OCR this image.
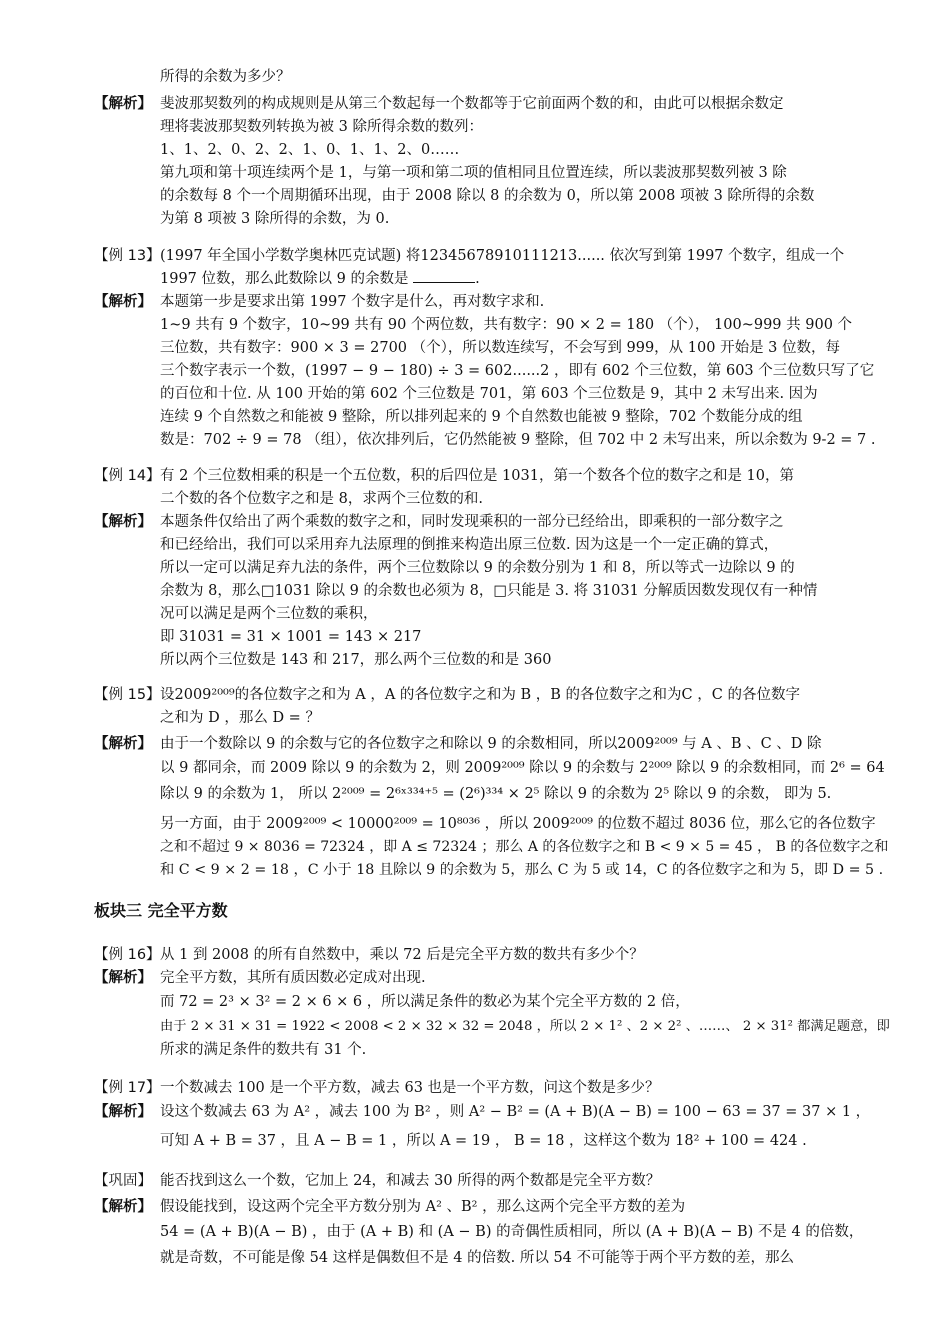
所得的余数为多少？
【解析】 斐波那契数列的构成规则是从第三个数起每一个数都等于它前面两个数的和，由此可以根据余数定
理将裴波那契数列转换为被 3 除所得余数的数列：
1、1、2、0、2、2、1、0、1、1、2、0……
第九项和第十项连续两个是 1，与第一项和第二项的值相同且位置连续，所以裴波那契数列被 3 除
的余数每 8 个一个周期循环出现，由于 2008 除以 8 的余数为 0，所以第 2008 项被 3 除所得的余数
为第 8 项被 3 除所得的余数，为 0.
【例 13】 (1997 年全国小学数学奥林匹克试题) 将12345678910111213...... 依次写到第 1997 个数字，组成一个
1997 位数，那么此数除以 9 的余数是	.
【解析】 本题第一步是要求出第 1997 个数字是什么，再对数字求和.
1~9 共有 9 个数字，10~99 共有 90 个两位数，共有数字：90 × 2 = 180 （个）， 100~999 共 900 个
三位数，共有数字：900 × 3 = 2700 （个），所以数连续写，不会写到 999，从 100 开始是 3 位数，每
三个数字表示一个数，(1997 − 9 − 180) ÷ 3 = 602......2 ，即有 602 个三位数，第 603 个三位数只写了它
的百位和十位. 从 100 开始的第 602 个三位数是 701，第 603 个三位数是 9，其中 2 未写出来. 因为
连续 9 个自然数之和能被 9 整除，所以排列起来的 9 个自然数也能被 9 整除，702 个数能分成的组
数是：702 ÷ 9 = 78 （组），依次排列后，它仍然能被 9 整除，但 702 中 2 未写出来，所以余数为 9-2 = 7 .
【例 14】 有 2 个三位数相乘的积是一个五位数，积的后四位是 1031，第一个数各个位的数字之和是 10，第
二个数的各个位数字之和是 8，求两个三位数的和.
【解析】 本题条件仅给出了两个乘数的数字之和，同时发现乘积的一部分已经给出，即乘积的一部分数字之
和已经给出，我们可以采用弃九法原理的倒推来构造出原三位数. 因为这是一个一定正确的算式，
所以一定可以满足弃九法的条件，两个三位数除以 9 的余数分别为 1 和 8，所以等式一边除以 9 的
余数为 8，那么□1031 除以 9 的余数也必须为 8，□只能是 3. 将 31031 分解质因数发现仅有一种情
况可以满足是两个三位数的乘积，
即 31031 = 31 × 1001 = 143 × 217
所以两个三位数是 143 和 217，那么两个三位数的和是 360
【例 15】 设2009²⁰⁰⁹的各位数字之和为 A ，A 的各位数字之和为 B ，B 的各位数字之和为C ，C 的各位数字
之和为 D ，那么 D = ？
【解析】 由于一个数除以 9 的余数与它的各位数字之和除以 9 的余数相同，所以2009²⁰⁰⁹ 与 A 、B 、C 、D 除
以 9 都同余，而 2009 除以 9 的余数为 2，则 2009²⁰⁰⁹ 除以 9 的余数与 2²⁰⁰⁹ 除以 9 的余数相同，而 2⁶ = 64
除以 9 的余数为 1， 所以 2²⁰⁰⁹ = 2⁶ˣ³³⁴⁺⁵ = (2⁶)³³⁴ × 2⁵ 除以 9 的余数为 2⁵ 除以 9 的余数， 即为 5.
另一方面，由于 2009²⁰⁰⁹ < 10000²⁰⁰⁹ = 10⁸⁰³⁶ ，所以 2009²⁰⁰⁹ 的位数不超过 8036 位，那么它的各位数字
之和不超过 9 × 8036 = 72324 ，即 A ≤ 72324 ；那么 A 的各位数字之和 B < 9 × 5 = 45 ， B 的各位数字之和
和 C < 9 × 2 = 18 ，C 小于 18 且除以 9 的余数为 5，那么 C 为 5 或 14，C 的各位数字之和为 5，即 D = 5 .
板块三 完全平方数
【例 16】 从 1 到 2008 的所有自然数中，乘以 72 后是完全平方数的数共有多少个？
【解析】 完全平方数，其所有质因数必定成对出现.
而 72 = 2³ × 3² = 2 × 6 × 6 ，所以满足条件的数必为某个完全平方数的 2 倍，
由于 2 × 31 × 31 = 1922 < 2008 < 2 × 32 × 32 = 2048 ，所以 2 × 1² 、2 × 2² 、……、 2 × 31² 都满足题意，即
所求的满足条件的数共有 31 个.
【例 17】 一个数减去 100 是一个平方数，减去 63 也是一个平方数，问这个数是多少？
【解析】 设这个数减去 63 为 A² ，减去 100 为 B² ，则 A² − B² = (A + B)(A − B) = 100 − 63 = 37 = 37 × 1 ，
可知 A + B = 37 ，且 A − B = 1 ，所以 A = 19 ， B = 18 ，这样这个数为 18² + 100 = 424 .
【巩固】 能否找到这么一个数，它加上 24，和减去 30 所得的两个数都是完全平方数？
【解析】 假设能找到，设这两个完全平方数分别为 A² 、B² ，那么这两个完全平方数的差为
54 = (A + B)(A − B) ，由于 (A + B) 和 (A − B) 的奇偶性质相同，所以 (A + B)(A − B) 不是 4 的倍数，
就是奇数，不可能是像 54 这样是偶数但不是 4 的倍数. 所以 54 不可能等于两个平方数的差，那么
